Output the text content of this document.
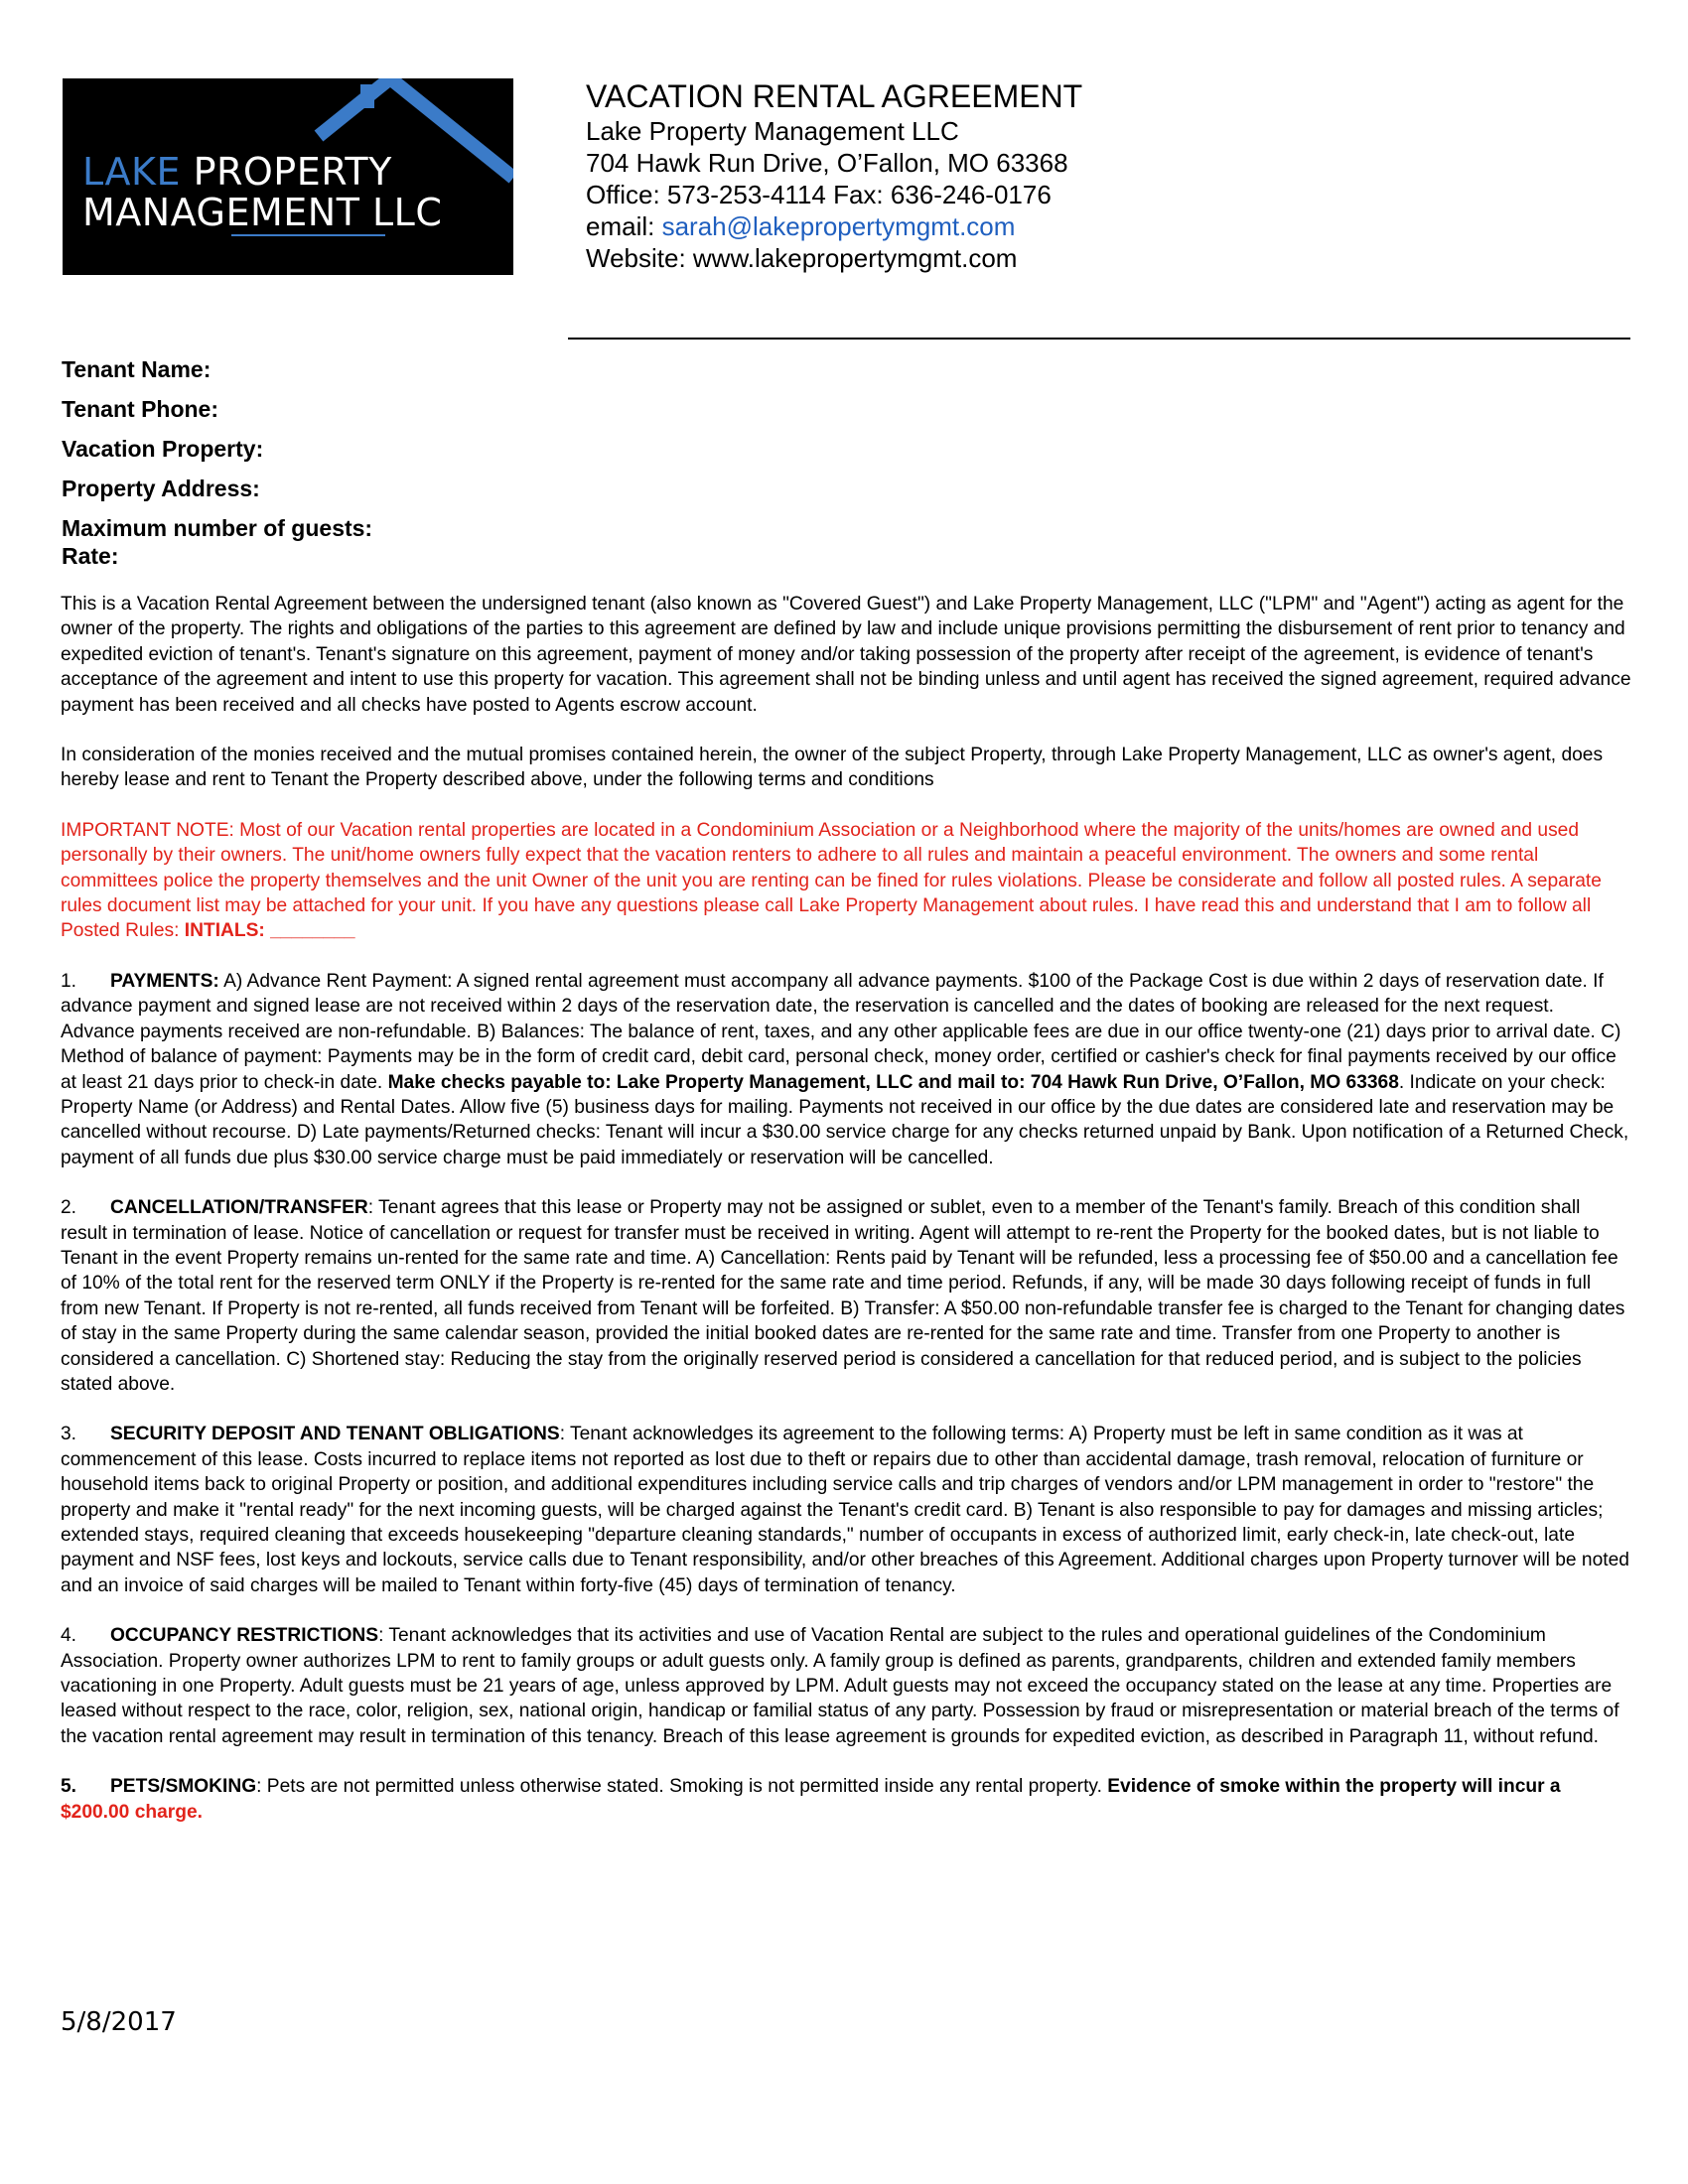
LAKE PROPERTY
MANAGEMENT LLC
VACATION RENTAL AGREEMENT
Lake Property Management LLC
704 Hawk Run Drive, O’Fallon, MO 63368
Office: 573-253-4114 Fax: 636-246-0176
email: sarah@lakepropertymgmt.com
Website: www.lakepropertymgmt.com
Tenant Name:
Tenant Phone:
Vacation Property:
Property Address:
Maximum number of guests:
Rate:

This is a Vacation Rental Agreement between the undersigned tenant (also known as "Covered Guest") and Lake Property Management, LLC ("LPM" and "Agent") acting as agent for the owner of the property. The rights and obligations of the parties to this agreement are defined by law and include unique provisions permitting the disbursement of rent prior to tenancy and expedited eviction of tenant's. Tenant's signature on this agreement, payment of money and/or taking possession of the property after receipt of the agreement, is evidence of tenant's acceptance of the agreement and intent to use this property for vacation. This agreement shall not be binding unless and until agent has received the signed agreement, required advance payment has been received and all checks have posted to Agents escrow account.

In consideration of the monies received and the mutual promises contained herein, the owner of the subject Property, through Lake Property Management, LLC as owner's agent, does hereby lease and rent to Tenant the Property described above, under the following terms and conditions

IMPORTANT NOTE: Most of our Vacation rental properties are located in a Condominium Association or a Neighborhood where the majority of the units/homes are owned and used personally by their owners. The unit/home owners fully expect that the vacation renters to adhere to all rules and maintain a peaceful environment. The owners and some rental committees police the property themselves and the unit Owner of the unit you are renting can be fined for rules violations. Please be considerate and follow all posted rules. A separate rules document list may be attached for your unit. If you have any questions please call Lake Property Management about rules. I have read this and understand that I am to follow all Posted Rules: INTIALS: ________

1. PAYMENTS: A) Advance Rent Payment: A signed rental agreement must accompany all advance payments. $100 of the Package Cost is due within 2 days of reservation date. If advance payment and signed lease are not received within 2 days of the reservation date, the reservation is cancelled and the dates of booking are released for the next request. Advance payments received are non-refundable. B) Balances: The balance of rent, taxes, and any other applicable fees are due in our office twenty-one (21) days prior to arrival date. C) Method of balance of payment: Payments may be in the form of credit card, debit card, personal check, money order, certified or cashier's check for final payments received by our office at least 21 days prior to check-in date. Make checks payable to: Lake Property Management, LLC and mail to: 704 Hawk Run Drive, O’Fallon, MO 63368. Indicate on your check: Property Name (or Address) and Rental Dates. Allow five (5) business days for mailing. Payments not received in our office by the due dates are considered late and reservation may be cancelled without recourse. D) Late payments/Returned checks: Tenant will incur a $30.00 service charge for any checks returned unpaid by Bank. Upon notification of a Returned Check, payment of all funds due plus $30.00 service charge must be paid immediately or reservation will be cancelled.

2. CANCELLATION/TRANSFER: Tenant agrees that this lease or Property may not be assigned or sublet, even to a member of the Tenant's family. Breach of this condition shall result in termination of lease. Notice of cancellation or request for transfer must be received in writing. Agent will attempt to re-rent the Property for the booked dates, but is not liable to Tenant in the event Property remains un-rented for the same rate and time. A) Cancellation: Rents paid by Tenant will be refunded, less a processing fee of $50.00 and a cancellation fee of 10% of the total rent for the reserved term ONLY if the Property is re-rented for the same rate and time period. Refunds, if any, will be made 30 days following receipt of funds in full from new Tenant. If Property is not re-rented, all funds received from Tenant will be forfeited. B) Transfer: A $50.00 non-refundable transfer fee is charged to the Tenant for changing dates of stay in the same Property during the same calendar season, provided the initial booked dates are re-rented for the same rate and time. Transfer from one Property to another is considered a cancellation. C) Shortened stay: Reducing the stay from the originally reserved period is considered a cancellation for that reduced period, and is subject to the policies stated above.

3. SECURITY DEPOSIT AND TENANT OBLIGATIONS: Tenant acknowledges its agreement to the following terms: A) Property must be left in same condition as it was at commencement of this lease. Costs incurred to replace items not reported as lost due to theft or repairs due to other than accidental damage, trash removal, relocation of furniture or household items back to original Property or position, and additional expenditures including service calls and trip charges of vendors and/or LPM management in order to "restore" the property and make it "rental ready" for the next incoming guests, will be charged against the Tenant's credit card. B) Tenant is also responsible to pay for damages and missing articles; extended stays, required cleaning that exceeds housekeeping "departure cleaning standards," number of occupants in excess of authorized limit, early check-in, late check-out, late payment and NSF fees, lost keys and lockouts, service calls due to Tenant responsibility, and/or other breaches of this Agreement. Additional charges upon Property turnover will be noted and an invoice of said charges will be mailed to Tenant within forty-five (45) days of termination of tenancy.

4. OCCUPANCY RESTRICTIONS: Tenant acknowledges that its activities and use of Vacation Rental are subject to the rules and operational guidelines of the Condominium Association. Property owner authorizes LPM to rent to family groups or adult guests only. A family group is defined as parents, grandparents, children and extended family members vacationing in one Property. Adult guests must be 21 years of age, unless approved by LPM. Adult guests may not exceed the occupancy stated on the lease at any time. Properties are leased without respect to the race, color, religion, sex, national origin, handicap or familial status of any party. Possession by fraud or misrepresentation or material breach of the terms of the vacation rental agreement may result in termination of this tenancy. Breach of this lease agreement is grounds for expedited eviction, as described in Paragraph 11, without refund.

5. PETS/SMOKING: Pets are not permitted unless otherwise stated. Smoking is not permitted inside any rental property. Evidence of smoke within the property will incur a $200.00 charge.

5/8/2017
